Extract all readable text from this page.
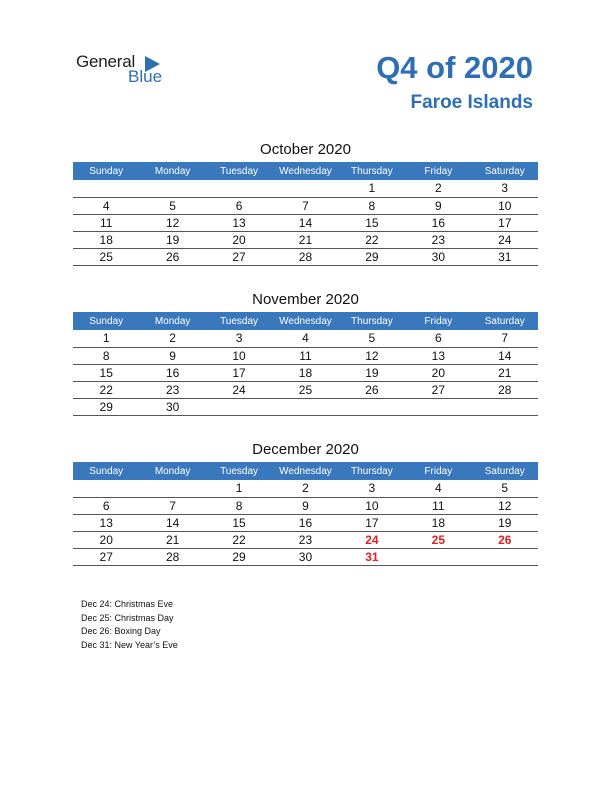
General
Blue	Q4 of 2020
Faroe Islands
October 2020
Sunday	Monday	Tuesday	Wednesday	Thursday	Friday	Saturday
				1	2	3
4	5	6	7	8	9	10
11	12	13	14	15	16	17
18	19	20	21	22	23	24
25	26	27	28	29	30	31
November 2020
Sunday	Monday	Tuesday	Wednesday	Thursday	Friday	Saturday
1	2	3	4	5	6	7
8	9	10	11	12	13	14
15	16	17	18	19	20	21
22	23	24	25	26	27	28
29	30					
December 2020
Sunday	Monday	Tuesday	Wednesday	Thursday	Friday	Saturday
		1	2	3	4	5
6	7	8	9	10	11	12
13	14	15	16	17	18	19
20	21	22	23	24	25	26
27	28	29	30	31		
Dec 24: Christmas Eve
Dec 25: Christmas Day
Dec 26: Boxing Day
Dec 31: New Year’s Eve
